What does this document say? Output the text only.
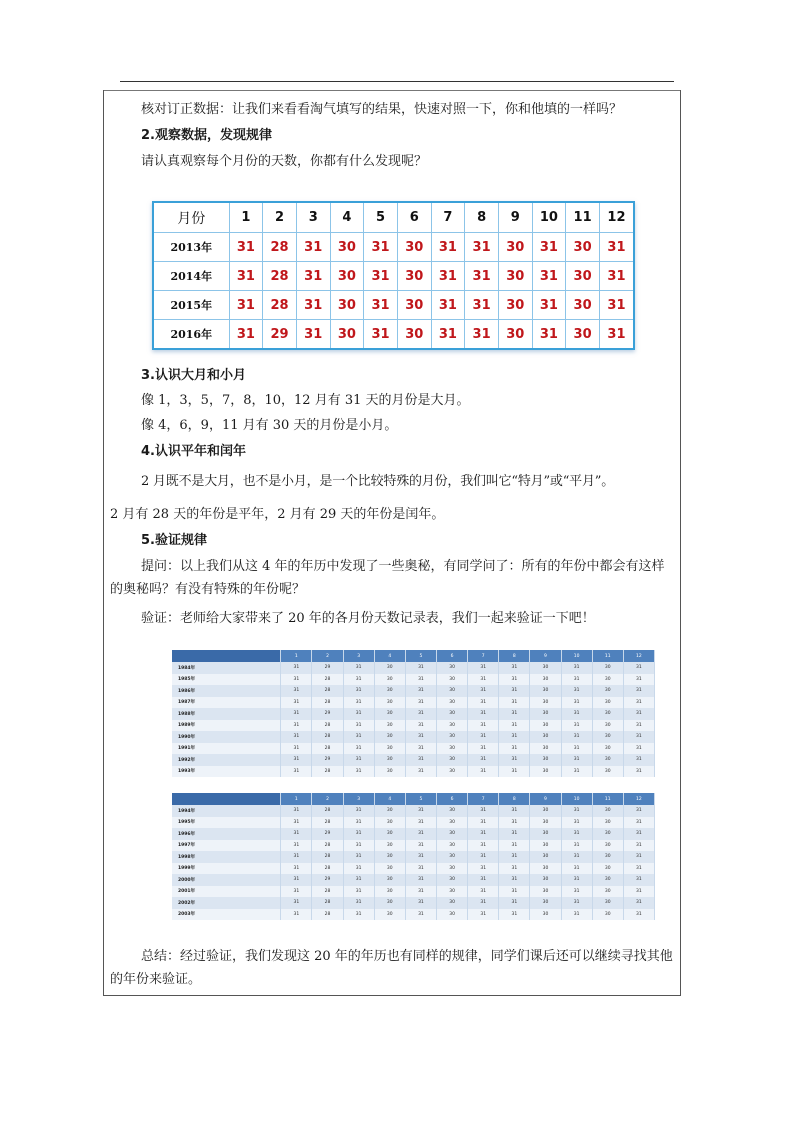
核对订正数据：让我们来看看淘气填写的结果，快速对照一下，你和他填的一样吗？
2.观察数据，发现规律
请认真观察每个月份的天数，你都有什么发现呢？
月份	1	2	3	4	5	6	7	8	9	10	11	12
2013年	31	28	31	30	31	30	31	31	30	31	30	31
2014年	31	28	31	30	31	30	31	31	30	31	30	31
2015年	31	28	31	30	31	30	31	31	30	31	30	31
2016年	31	29	31	30	31	30	31	31	30	31	30	31
3.认识大月和小月
像 1，3，5，7，8，10，12 月有 31 天的月份是大月。
像 4，6，9，11 月有 30 天的月份是小月。
4.认识平年和闰年
2 月既不是大月，也不是小月，是一个比较特殊的月份，我们叫它“特月”或“平月”。
2 月有 28 天的年份是平年，2 月有 29 天的年份是闰年。
5.验证规律
提问：以上我们从这 4 年的年历中发现了一些奥秘，有同学问了：所有的年份中都会有这样的奥秘吗？有没有特殊的年份呢？
验证：老师给大家带来了 20 年的各月份天数记录表，我们一起来验证一下吧！
	1	2	3	4	5	6	7	8	9	10	11	12
1984年	31	29	31	30	31	30	31	31	30	31	30	31
1985年	31	28	31	30	31	30	31	31	30	31	30	31
1986年	31	28	31	30	31	30	31	31	30	31	30	31
1987年	31	28	31	30	31	30	31	31	30	31	30	31
1988年	31	29	31	30	31	30	31	31	30	31	30	31
1989年	31	28	31	30	31	30	31	31	30	31	30	31
1990年	31	28	31	30	31	30	31	31	30	31	30	31
1991年	31	28	31	30	31	30	31	31	30	31	30	31
1992年	31	29	31	30	31	30	31	31	30	31	30	31
1993年	31	28	31	30	31	30	31	31	30	31	30	31
	1	2	3	4	5	6	7	8	9	10	11	12
1994年	31	28	31	30	31	30	31	31	30	31	30	31
1995年	31	28	31	30	31	30	31	31	30	31	30	31
1996年	31	29	31	30	31	30	31	31	30	31	30	31
1997年	31	28	31	30	31	30	31	31	30	31	30	31
1998年	31	28	31	30	31	30	31	31	30	31	30	31
1999年	31	28	31	30	31	30	31	31	30	31	30	31
2000年	31	29	31	30	31	30	31	31	30	31	30	31
2001年	31	28	31	30	31	30	31	31	30	31	30	31
2002年	31	28	31	30	31	30	31	31	30	31	30	31
2003年	31	28	31	30	31	30	31	31	30	31	30	31
总结：经过验证，我们发现这 20 年的年历也有同样的规律，同学们课后还可以继续寻找其他的年份来验证。
